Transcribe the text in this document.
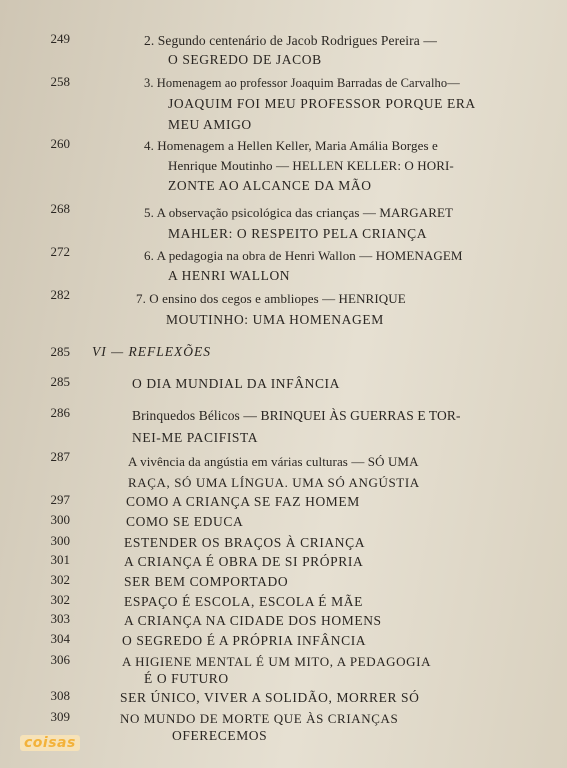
249	2. Segundo centenário de Jacob Rodrigues Pereira —
O SEGREDO DE JACOB
258	3. Homenagem ao professor Joaquim Barradas de Carvalho—
JOAQUIM FOI MEU PROFESSOR PORQUE ERA
MEU AMIGO
260	4. Homenagem a Hellen Keller, Maria Amália Borges e
Henrique Moutinho — HELLEN KELLER: O HORI-
ZONTE AO ALCANCE DA MÃO
268	5. A observação psicológica das crianças — MARGARET
MAHLER: O RESPEITO PELA CRIANÇA
272	6. A pedagogia na obra de Henri Wallon — HOMENAGEM
A HENRI WALLON
282	7. O ensino dos cegos e ambliopes — HENRIQUE
MOUTINHO: UMA HOMENAGEM
285 VI — REFLEXÕES
285	O DIA MUNDIAL DA INFÂNCIA
286	Brinquedos Bélicos — BRINQUEI ÀS GUERRAS E TOR-
NEI-ME PACIFISTA
287	A vivência da angústia em várias culturas — SÓ UMA
RAÇA, SÓ UMA LÍNGUA. UMA SÓ ANGÚSTIA
297	COMO A CRIANÇA SE FAZ HOMEM
300	COMO SE EDUCA
300	ESTENDER OS BRAÇOS À CRIANÇA
301	A CRIANÇA É OBRA DE SI PRÓPRIA
302	SER BEM COMPORTADO
302	ESPAÇO É ESCOLA, ESCOLA É MÃE
303	A CRIANÇA NA CIDADE DOS HOMENS
304	O SEGREDO É A PRÓPRIA INFÂNCIA
306	A HIGIENE MENTAL É UM MITO, A PEDAGOGIA
É O FUTURO
308	SER ÚNICO, VIVER A SOLIDÃO, MORRER SÓ
309	NO MUNDO DE MORTE QUE ÀS CRIANÇAS
OFERECEMOS
coisas
